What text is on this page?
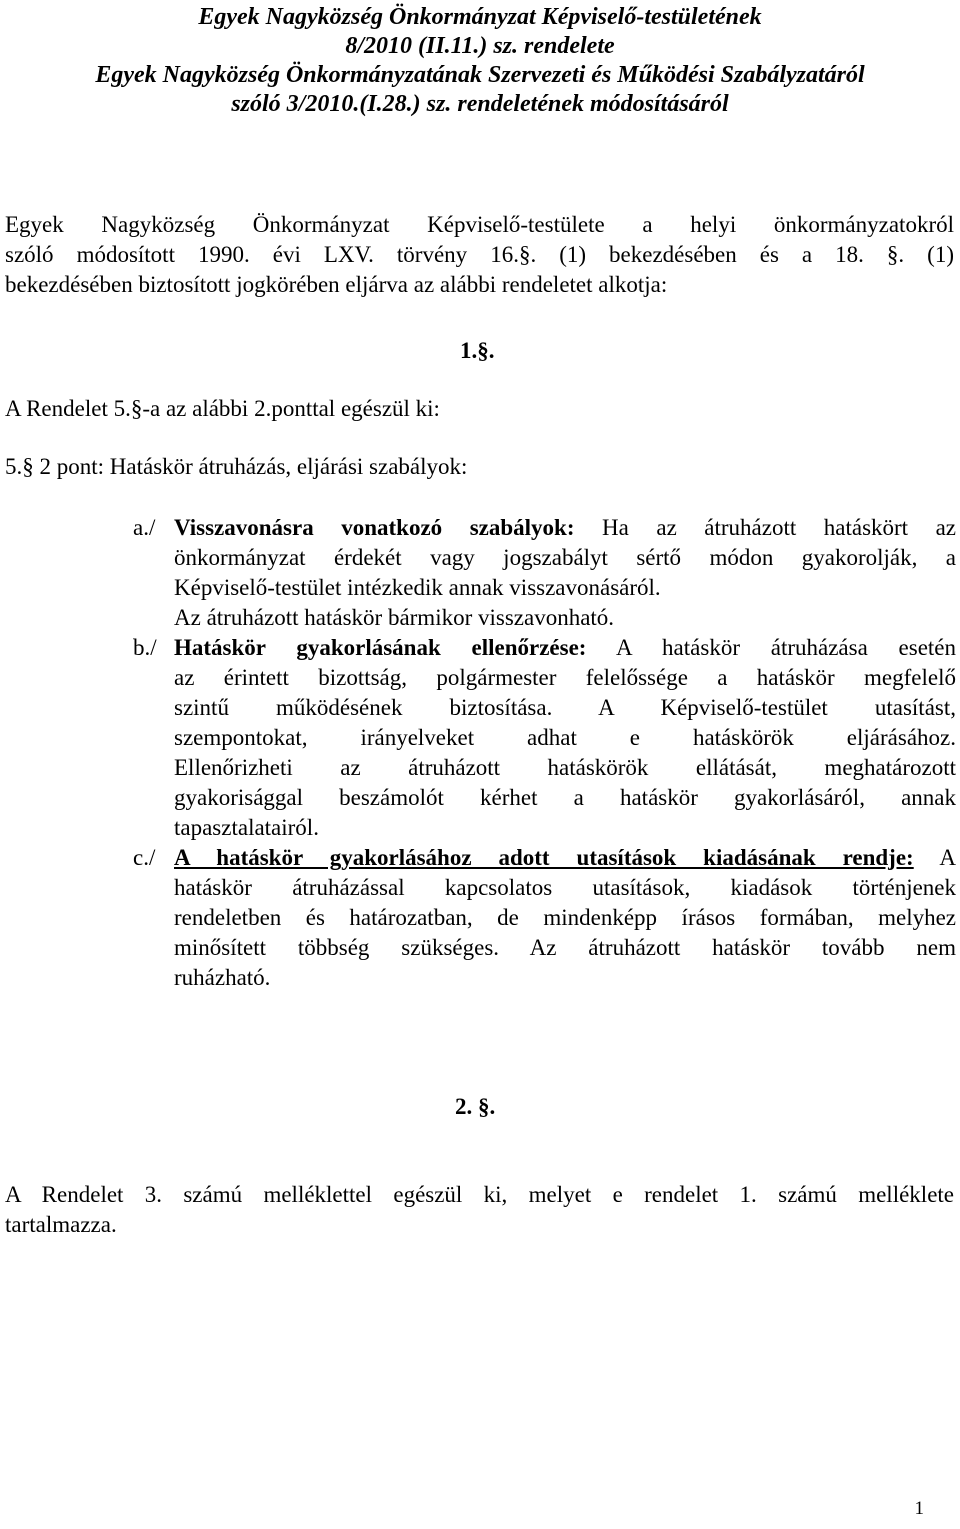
Egyek Nagyközség Önkormányzat Képviselő-testületének
8/2010 (II.11.) sz. rendelete
Egyek Nagyközség Önkormányzatának Szervezeti és Működési Szabályzatáról
szóló 3/2010.(I.28.) sz. rendeletének módosításáról
Egyek Nagyközség Önkormányzat Képviselő-testülete a helyi önkormányzatokról
szóló módosított 1990. évi LXV. törvény 16.§. (1) bekezdésében és a 18. §. (1)
bekezdésében biztosított jogkörében eljárva az alábbi rendeletet alkotja:
1.§.
A Rendelet 5.§-a az alábbi 2.ponttal egészül ki:
5.§ 2 pont: Hatáskör átruházás, eljárási szabályok:
a./ Visszavonásra vonatkozó szabályok: Ha az átruházott hatáskört az
önkormányzat érdekét vagy jogszabályt sértő módon gyakorolják, a
Képviselő-testület intézkedik annak visszavonásáról.
Az átruházott hatáskör bármikor visszavonható.
b./ Hatáskör gyakorlásának ellenőrzése: A hatáskör átruházása esetén
az érintett bizottság, polgármester felelőssége a hatáskör megfelelő
szintű működésének biztosítása. A Képviselő-testület utasítást,
szempontokat, irányelveket adhat e hatáskörök eljárásához.
Ellenőrizheti az átruházott hatáskörök ellátását, meghatározott
gyakorisággal beszámolót kérhet a hatáskör gyakorlásáról, annak
tapasztalatairól.
c./ A hatáskör gyakorlásához adott utasítások kiadásának rendje: A
hatáskör átruházással kapcsolatos utasítások, kiadások történjenek
rendeletben és határozatban, de mindenképp írásos formában, melyhez
minősített többség szükséges. Az átruházott hatáskör tovább nem
ruházható.
2. §.
A Rendelet 3. számú melléklettel egészül ki, melyet e rendelet 1. számú melléklete
tartalmazza.
1
